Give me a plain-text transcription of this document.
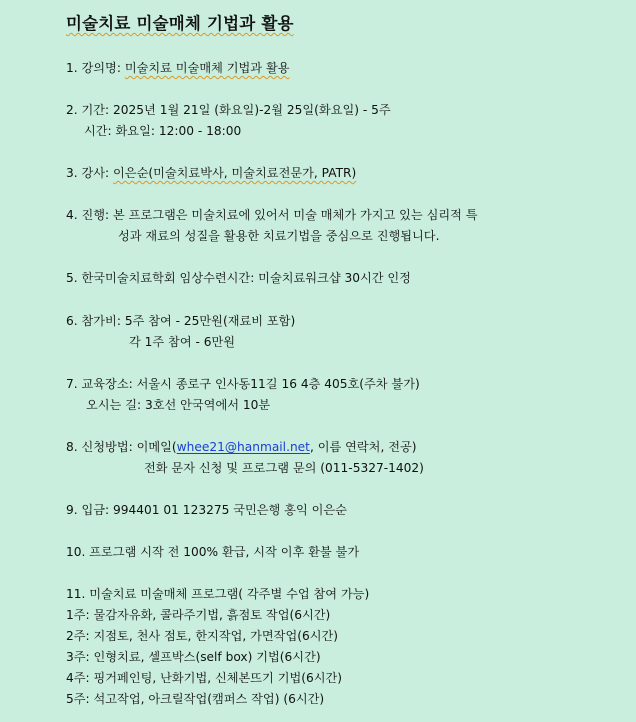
미술치료 미술매체 기법과 활용
1. 강의명: 미술치료 미술매체 기법과 활용
2. 기간: 2025년 1월 21일 (화요일)-2월 25일(화요일) - 5주
시간: 화요일: 12:00 - 18:00
3. 강사: 이은순(미술치료박사, 미술치료전문가, PATR)
4. 진행: 본 프로그램은 미술치료에 있어서 미술 매체가 가지고 있는 심리적 특
성과 재료의 성질을 활용한 치료기법을 중심으로 진행됩니다.
5. 한국미술치료학회 임상수련시간: 미술치료워크샵 30시간 인정
6. 참가비: 5주 참여 - 25만원(재료비 포함)
각 1주 참여 - 6만원
7. 교육장소: 서울시 종로구 인사동11길 16 4층 405호(주차 불가)
오시는 길: 3호선 안국역에서 10분
8. 신청방법: 이메일(whee21@hanmail.net, 이름 연락처, 전공)
전화 문자 신청 및 프로그램 문의 (011-5327-1402)
9. 입금: 994401 01 123275 국민은행 홍익 이은순
10. 프로그램 시작 전 100% 환급, 시작 이후 환불 불가
11. 미술치료 미술매체 프로그램( 각주별 수업 참여 가능)
1주: 물감자유화, 콜라주기법, 흙점토 작업(6시간)
2주: 지점토, 천사 점토, 한지작업, 가면작업(6시간)
3주: 인형치료, 셀프박스(self box) 기법(6시간)
4주: 핑거페인팅, 난화기법, 신체본뜨기 기법(6시간)
5주: 석고작업, 아크릴작업(캠퍼스 작업) (6시간)
